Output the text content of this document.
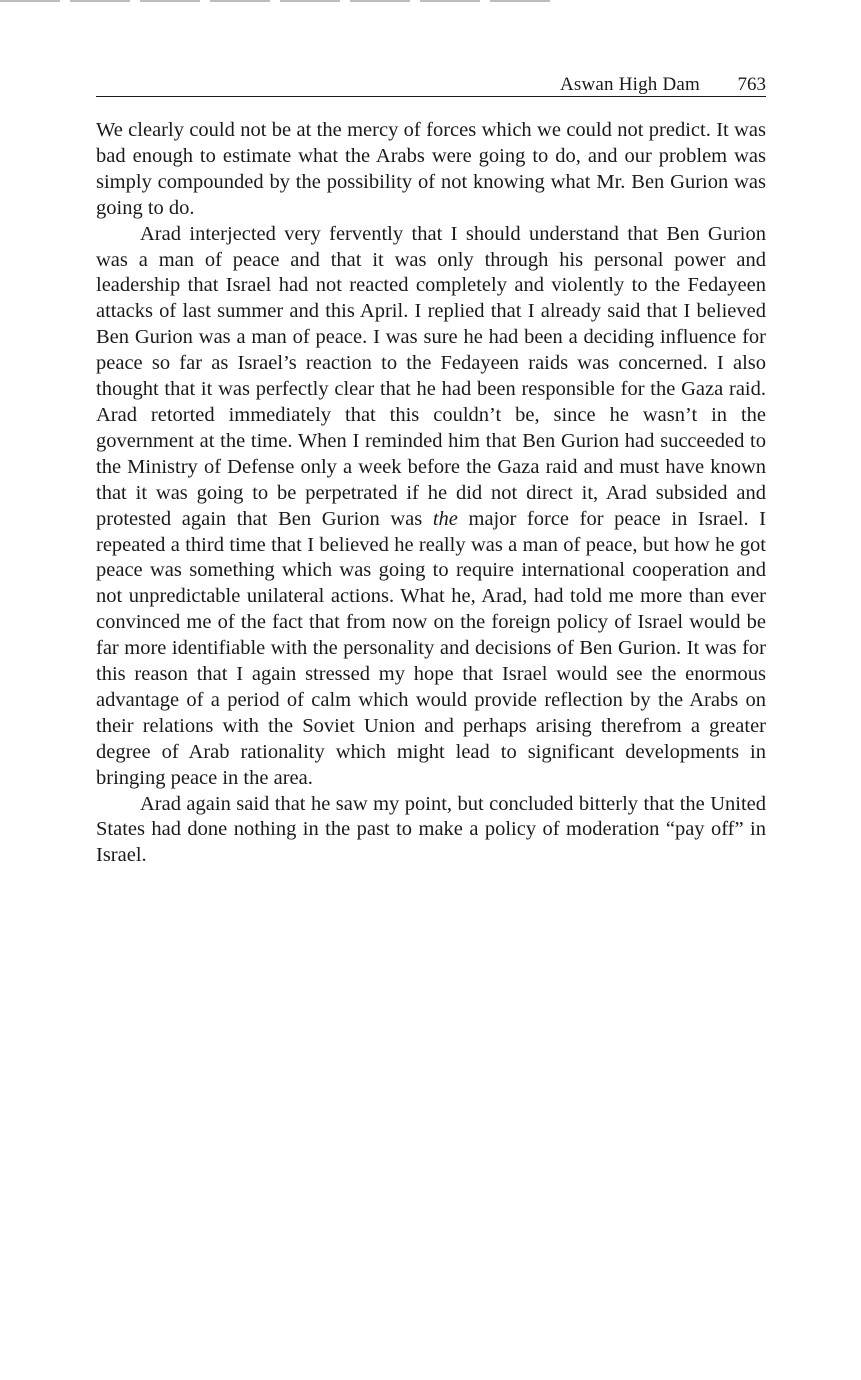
Aswan High Dam 763

We clearly could not be at the mercy of forces which we could not predict. It was bad enough to estimate what the Arabs were going to do, and our problem was simply compounded by the possibility of not knowing what Mr. Ben Gurion was going to do.

Arad interjected very fervently that I should understand that Ben Gurion was a man of peace and that it was only through his personal power and leadership that Israel had not reacted completely and violently to the Fedayeen attacks of last summer and this April. I replied that I already said that I believed Ben Gurion was a man of peace. I was sure he had been a deciding influence for peace so far as Israel’s reaction to the Fedayeen raids was concerned. I also thought that it was perfectly clear that he had been responsible for the Gaza raid. Arad retorted immediately that this couldn’t be, since he wasn’t in the government at the time. When I reminded him that Ben Gurion had succeeded to the Ministry of Defense only a week before the Gaza raid and must have known that it was going to be perpetrated if he did not direct it, Arad subsided and protested again that Ben Gurion was the major force for peace in Israel. I repeated a third time that I believed he really was a man of peace, but how he got peace was something which was going to require international cooperation and not unpredictable unilateral actions. What he, Arad, had told me more than ever convinced me of the fact that from now on the foreign policy of Israel would be far more identifiable with the personality and decisions of Ben Gurion. It was for this reason that I again stressed my hope that Israel would see the enormous advantage of a period of calm which would provide reflection by the Arabs on their relations with the Soviet Union and perhaps arising therefrom a greater degree of Arab rationality which might lead to significant developments in bringing peace in the area.

Arad again said that he saw my point, but concluded bitterly that the United States had done nothing in the past to make a policy of moderation “pay off” in Israel.
